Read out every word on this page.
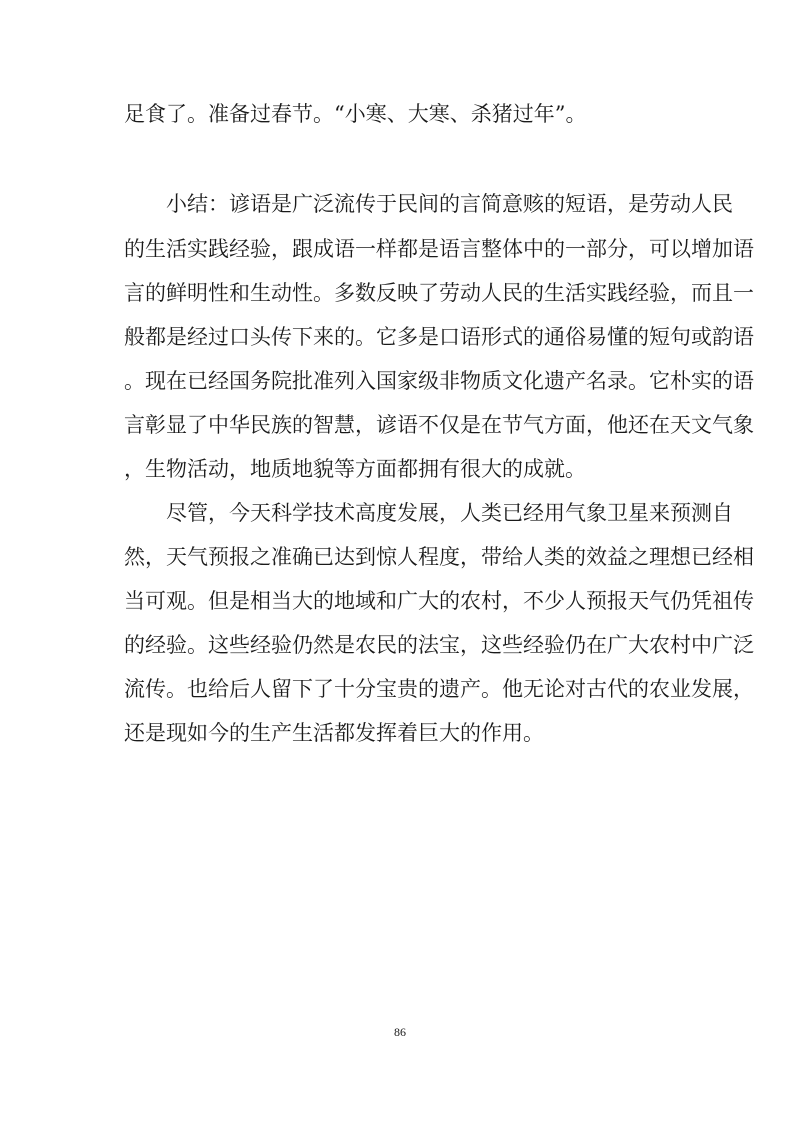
足食了。准备过春节。“小寒、大寒、杀猪过年”。
小结：谚语是广泛流传于民间的言简意赅的短语，是劳动人民
的生活实践经验，跟成语一样都是语言整体中的一部分，可以增加语
言的鲜明性和生动性。多数反映了劳动人民的生活实践经验，而且一
般都是经过口头传下来的。它多是口语形式的通俗易懂的短句或韵语
。现在已经国务院批准列入国家级非物质文化遗产名录。它朴实的语
言彰显了中华民族的智慧，谚语不仅是在节气方面，他还在天文气象
，生物活动，地质地貌等方面都拥有很大的成就。
尽管，今天科学技术高度发展，人类已经用气象卫星来预测自
然，天气预报之准确已达到惊人程度，带给人类的效益之理想已经相
当可观。但是相当大的地域和广大的农村，不少人预报天气仍凭祖传
的经验。这些经验仍然是农民的法宝，这些经验仍在广大农村中广泛
流传。也给后人留下了十分宝贵的遗产。他无论对古代的农业发展，
还是现如今的生产生活都发挥着巨大的作用。
86
